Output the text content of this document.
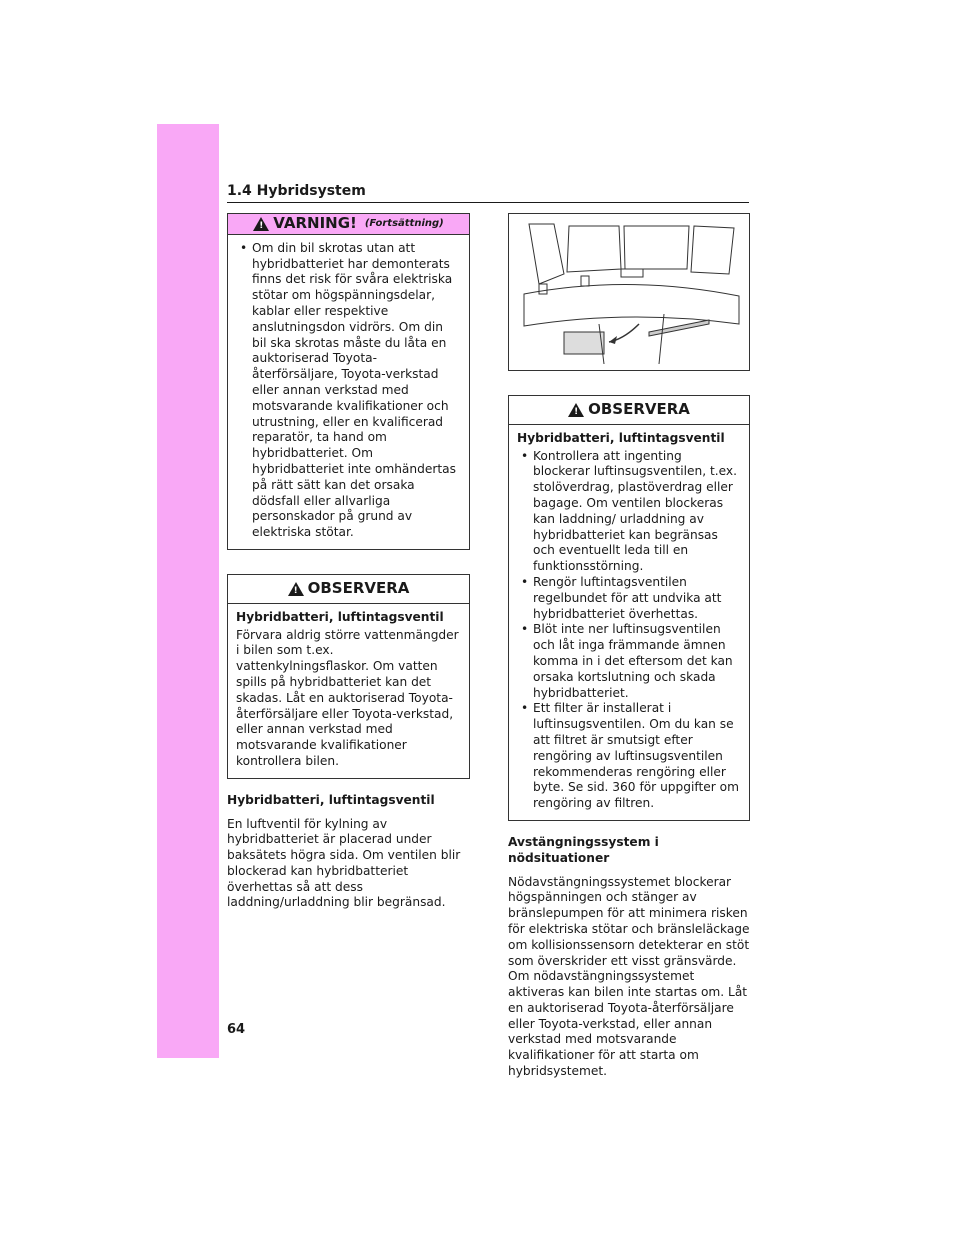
1.4 Hybridsystem
!
VARNING! (Fortsättning)
• Om din bil skrotas utan att hybridbatteriet har demonterats finns det risk för svåra elektriska stötar om högspänningsdelar, kablar eller respektive anslutningsdon vidrörs. Om din bil ska skrotas måste du låta en auktoriserad Toyota-återförsäljare, Toyota-verkstad eller annan verkstad med motsvarande kvalifikationer och utrustning, eller en kvalificerad reparatör, ta hand om hybridbatteriet. Om hybridbatteriet inte omhändertas på rätt sätt kan det orsaka dödsfall eller allvarliga personskador på grund av elektriska stötar.
!
OBSERVERA

Hybridbatteri, luftintagsventil

Förvara aldrig större vattenmängder i bilen som t.ex. vattenkylningsflaskor. Om vatten spills på hybridbatteriet kan det skadas. Låt en auktoriserad Toyota-återförsäljare eller Toyota-verkstad, eller annan verkstad med motsvarande kvalifikationer kontrollera bilen.

Hybridbatteri, luftintagsventil

En luftventil för kylning av hybridbatteriet är placerad under baksätets högra sida. Om ventilen blir blockerad kan hybridbatteriet överhettas så att dess laddning/urladdning blir begränsad.

!
OBSERVERA

Hybridbatteri, luftintagsventil

• Kontrollera att ingenting blockerar luftinsugsventilen, t.ex. stolöverdrag, plastöverdrag eller bagage. Om ventilen blockeras kan laddning/ urladdning av hybridbatteriet kan begränsas och eventuellt leda till en funktionsstörning.
• Rengör luftintagsventilen regelbundet för att undvika att hybridbatteriet överhettas.
• Blöt inte ner luftinsugsventilen och låt inga främmande ämnen komma in i det eftersom det kan orsaka kortslutning och skada hybridbatteriet.
• Ett filter är installerat i luftinsugsventilen. Om du kan se att filtret är smutsigt efter rengöring av luftinsugsventilen rekommenderas rengöring eller byte. Se sid. 360 för uppgifter om rengöring av filtren.

Avstängningssystem i nödsituationer

Nödavstängningssystemet blockerar högspänningen och stänger av bränslepumpen för att minimera risken för elektriska stötar och bränsleläckage om kollisionssensorn detekterar en stöt som överskrider ett visst gränsvärde. Om nödavstängningssystemet aktiveras kan bilen inte startas om. Låt en auktoriserad Toyota-återförsäljare eller Toyota-verkstad, eller annan verkstad med motsvarande kvalifikationer för att starta om hybridsystemet.

64
